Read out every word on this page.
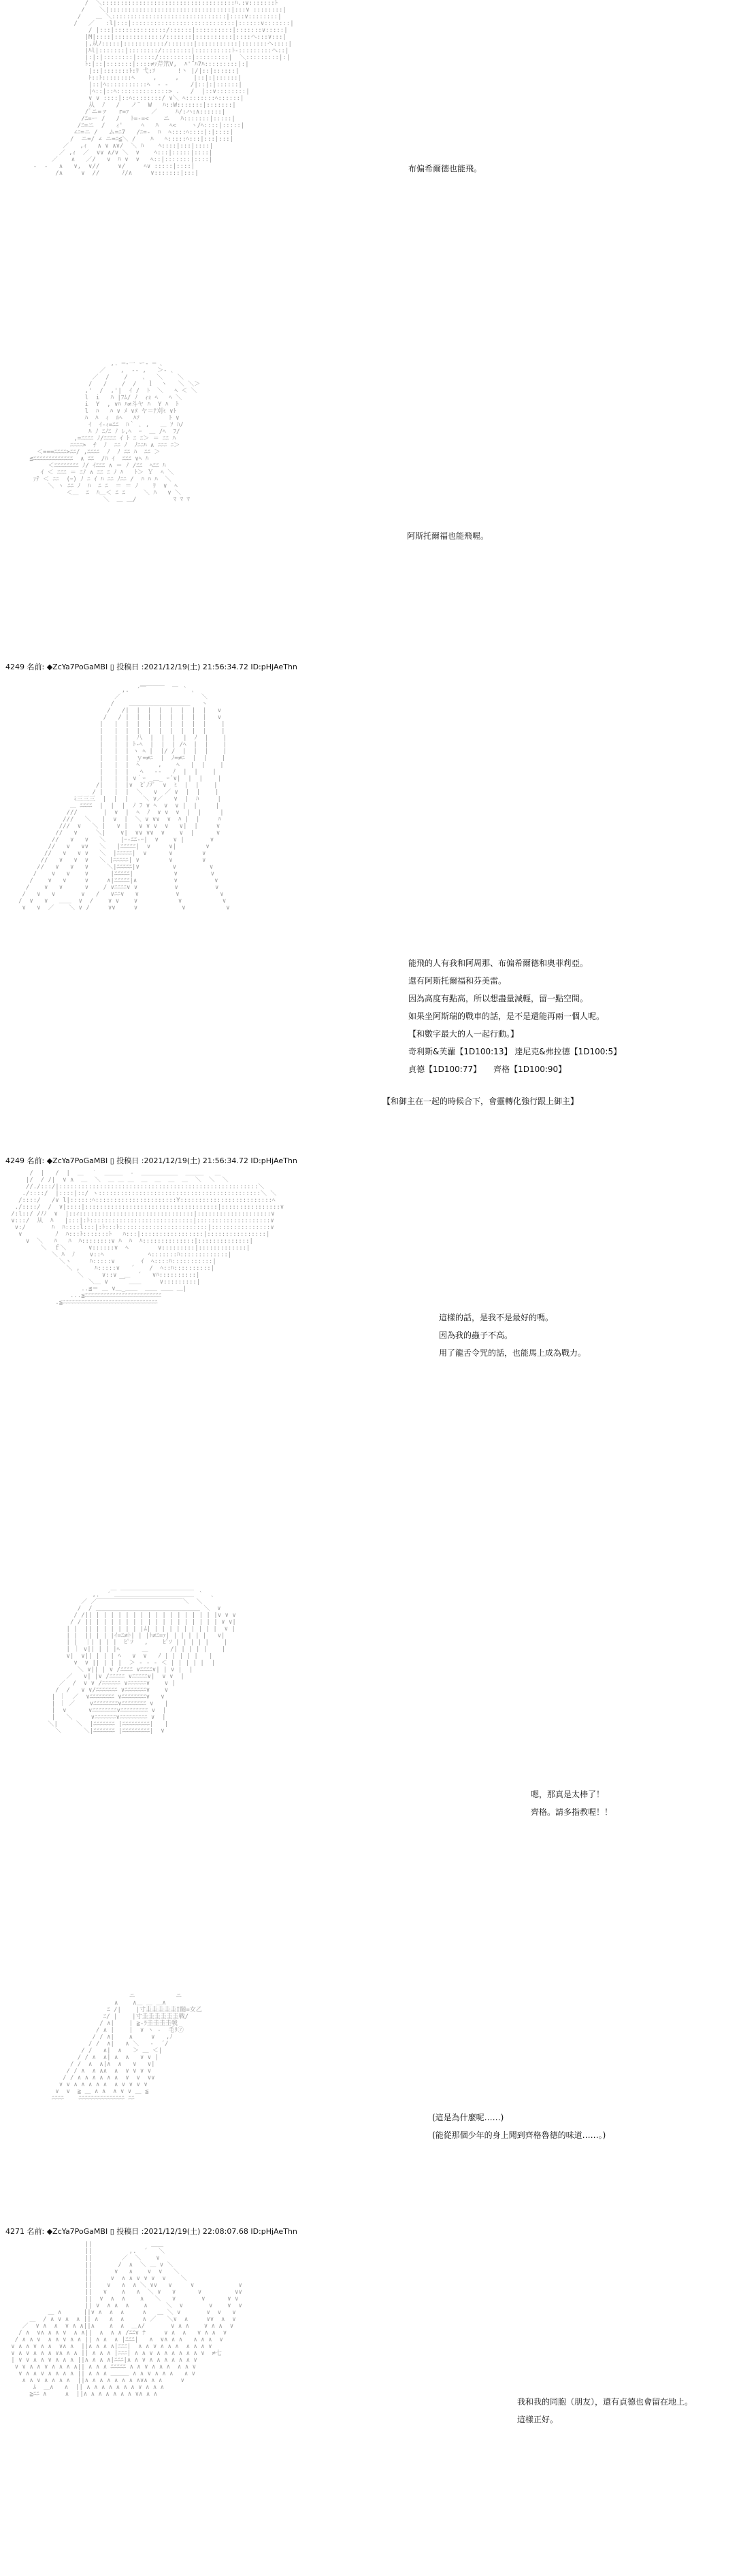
/  ＼::::::::::::::::::::::::::::::::::::ﾊ.:∨:::::::ﾄ
/    ＼|:::::::::::::::::::::::::::::::::|:::∨ ::::::::|
/    ＿ ＼:::::::::::::::::::::::::::::::|::::∨::::::::|
/   ／   :l|:::|::::::::::::::::::::::::::::|::::::∨:::::::|
/ |:::|::::::::::::::/::::::|::::::::::|:::::::∨:::::|
|M|::::|:::::::::::::/:::::::|::::::::::|::::ヘ:::∨:::|
|,从ﾉ:::::|:::::::::::/:::::::|:::::::::::|:::::::ヘ::::|
|ﾊl|:::::::|::::::::/::::::::|::::::::::ﾄ-:::::::::ヘ::|
|:|:|::::::::|:::::/:::::::::|:::::::::|  ＼:::::::::|:|
ﾄ:|::|:::::::|::::≠ｧ芹笊V,  ﾊ'¨ﾊ7ﾊ:::::::::|:|
|::|:::::::ﾄ:ﾘ 弋:ｿ      !丶 |/|::|::::::|
ﾄ::ﾄ::::::::ﾍ     ,     ,    |::|:|::::::|
|::|ﾍ:::::::::::ﾍ  - ‐      /|::|:|::::::|
|ﾍ::|::ﾍ::::::::::::::> .   /  |::∨::::::::|
∨ ∨ ::::|::ﾍ::::::::/ ∨＼ ﾍ::::::::ﾍ::::::|
从  ﾉ   /   ノ¨  W   ﾊ::W:::::::|:::::::|
/ﾟニ=ァ   r=ｧ      ／     ﾊ/:ハ:∧::::::|
/ﾆ=ー /   /   ﾄ=-=<    ニ   ﾊ:::::::|:::::|
/ﾆ=ニ  /   ｨ'     ﾍ   ﾊ   ﾍ<    ヽ/ﾍ::::|:::::|
∠ﾆ=ニ /   ム=ﾆ7   /ﾆ=‐  ﾊ  ﾍ::::ﾍ::::|:|::::|
/  ニ=/ ∠ ニ=ﾆ≦＼ /    ﾊ   ﾍ:::::ﾍ:::|:::|:::|
／   ,ｨ   ∧ ∨ ∧∨/  ＼ ﾊ    ﾍ::::|:::|::::|
／ ,ｨ  ／  ∨∨ ∧/∨ ＼  ∨    ﾍ:::|:::::|::::|
／ 　 ∧   ／/   ∨  ﾊ ∨  ∨   ﾍ::|:::::::|::::|
‐  ‐   ∧   ∨,  ∨//     ∨/     ﾍ∨ :::::|::::|
/∧     ∨  //      ﾉ/∧     ∨:::::::|:::|	布偏希爾德也能飛。
,. ─‐一 ー‐ ─ 、
／    ,  ‐- ,   ＞- ､
／  /    /    ､   ＼    ＼
/   /    /  /   ｌ  ヽ   ＼ ＼＞
,'  /  ,'|  ｲ /  ﾄ  ＼   ﾍ ＜ ＼
l  i   ﾊ |ﾌﾑ/ ﾉ  ｨｫ ﾍ   ﾍ ＼
i  Y  , ∨ﾊ ﾊ≠斗ヤ ﾊ  Y ﾊ  ﾄ
l  ﾊ   ﾊ ∨ ﾒ ∨ﾇ ヤ＝ﾅ刈ﾐ ∨ﾄ
ﾊ  ﾊ  ｨ  ﾙﾍ   ﾊｿ        ﾄ ∨
ｲ  ｲ-ｨ=ﾆﾆ  ﾊ｀ ､ ,   ＿ ｿ ﾊ/
ﾊ ﾉ ﾆﾉﾆ ﾉ ﾚ,ﾍ  ｰ  ＿ /ﾍ  ﾌ/
,=ﾆﾆﾆﾆ ﾉ/ﾆﾆﾆﾆ ｲ ﾄ ﾆ ﾆ＞ ＝ ﾆﾆ ﾊ
ﾆﾆﾆﾆ>  ﾁ  ﾉ  ﾆﾆ ﾉ  ﾉﾆﾆﾊ ∧ ﾆﾆﾆ ﾆ＞
＜===ﾆﾆﾆﾆ>ﾆﾆ/ ,ﾆﾆﾆﾆ  ﾉ  ﾉ ﾆﾆ ﾊ  ﾆﾆ ＞
≦ﾆﾆﾆﾆﾆﾆﾆﾆﾆﾆﾆﾆﾆ  ∧ ﾆﾆ  /ﾊ ｲ  ﾆﾆﾆ ∨ﾍ ﾊ
＜ﾆﾆﾆﾆﾆﾆﾆﾆ ﾉ/ ｲﾆﾆﾆ ∧ ＝ ﾉ /ﾆﾆ  ﾍﾆﾆ ﾊ
ｲ ＜ ﾆﾆﾆ ＝ ﾆﾉ ∧ ﾆﾆ ﾆ ﾉ ﾊ   ﾄ＞ Ｙ  ﾍ ＼
ｧﾃ ＜ ﾆﾆ  (ｰ) ﾉ ﾆ ｲ ﾊ ﾆﾆ ﾉﾆﾆ /  ﾊ ﾊ ﾊ  ＼
＼ ヽ ﾆﾆ ﾉ  ﾊ  ﾆ ﾆ  ＝ ＝ ﾉ    ﾘ  ∨  ﾍ
＜＿  ﾆ  ﾊ＿＜ ﾆ ﾆ     ＼ ﾊ   ∨ ＼
＼  ＿ ＿/          ﾏ ﾏ ﾏ

阿斯托爾福也能飛喔。
4249 名前: ◆ZcYa7PoGaMBI ▯ 投稿日 :2021/12/19(土) 21:56:34.72 ID:pHjAeThn
＿＿＿＿
,.  ´￣       ￣ ｀ ､
／                      ＼
/    ＿＿＿＿＿＿＿＿＿＿   ヽ
/   /|  |  |  |  |  |  |  |   ∨
/   / |  |  |  |  |  |  |  |   ∨
|   |  |  |  |  |  |  |  |  |    |
|   |  |  |  |  |  |  |  |  |    |
|   |  |  八  |  |  |  |  ﾉ  |    |
|   |  | ﾄ-ﾍ  |  |  | /ﾍ  |  |    |
|   |  | ヽ ﾍ |  |/ /  |  |  |    |
|   |  |  ｙ=≠ﾆ  |  ﾉ=≠ﾆ  |  |    |
|   |  |  ﾍ     ,    ﾍ   |  |    |
|   |  |   ﾍ   ‐‐   ﾉ  |  |    |
|   |  | ∨｀ｰ _＿_ ｰ´∨|  |  |    |
/|   |  |∨  ﾋﾟﾉｿﾞ  ∨  ﾐ  |  |    |
/ |   |  |  ＼   ∨  ／ ∨  |  |    |
ﾐ三三三  |  |  |    ＼ ∨／   ∨  |  ﾊ     |
＿ ﾆﾆﾆﾆ  |  |  |  ﾉ ﾌ ∨ ﾍ  ∨  ∨ |  |     |
///       |  ∨  |  ﾍ  ﾉ  ∨ ∨  ∨  |  |     |
///   ＼   |  ∨  |  ＼ ∨ ∨∨  ∨  ﾊ |  |     ﾊ
///  ∨   ＼ |   ∨ |   ∨ ∨ ∨  ∨   ∨|  |     ∨
//   ∨     ＼|    ∨|  ∨∨ ∨∨  ∨    ∨  |      ∨
//   ∨   ∨   ＼    |ｰ‐ﾆﾆ‐ｰ|  ∨    ∨ |       ∨
//   ∨   ∨∨   ＼   |ﾆﾆﾆﾆﾆ|  ∨     ∨|        ∨
//   ∨   ∨ ∨   ＼  |ﾆﾆﾆﾆﾆ|  ∨      ∨        ∨
//   ∨   ∨  ∨   ＼ |ﾆﾆﾆﾆﾆ| ∨        ∨        ∨
//   ∨   ∨   ∨     ＼|ﾆﾆﾆﾆﾆ|∨         ∨         ∨
/    ∨   ∨    ∨      |ﾆﾆﾆﾆﾆ|           ∨         ∨
/    ∨   ∨     ∨     ∧|ﾆﾆﾆﾆﾆ|∧          ∨          ∨
/    ∨   ∨      ∨    / ∨ﾆﾆﾆﾆ∨ ∨          ∨          ∨
/   ∨   ∨       ∨   /   ∨ﾆﾆ∨   ∨          ∨           ∨
/  ∨   ∨   ＿＿  ∨  /    ∨ ∨    ∨           ∨           ∨
∨   ∨  ／    ＼ ∨ /     ∨∨     ∨            ∨           ∨

能飛的人有我和阿周那、布偏希爾德和奧菲莉亞。
還有阿斯托爾福和芬美雷。
因為高度有點高，所以想盡量減輕，留一點空間。
如果坐阿斯瑞的戰車的話，是不是還能再兩一個人呢。
【和數字最大的人一起行動。】
奇利斯&芙蘿【1D100:13】 達尼克&弗拉德【1D100:5】
貞德【1D100:77】　　齊格【1D100:90】
【和御主在一起的時候合下，會靈轉化強行跟上御主】
4249 名前: ◆ZcYa7PoGaMBI ▯ 投稿日 :2021/12/19(土) 21:56:34.72 ID:pHjAeThn
/  |   /  |  ＿  ｀  ＿＿＿  ‐  ＿＿＿＿＿＿  ＿＿＿   ＿
|/  / /|  ∨ ∧  ＿  ＼  ＿ ＿ ＿  ＿  ＿  ＿  ＿  ＼  ＼  ＼
//./:::/|::::::::::::::::::::::::::::::::::::::::::::::::::::::＼
./::::/  |::::|::/ ヽ::::::::::::::::::::::::::::::::::::::::::::＼ ＼
/::::/   /∨ l|::::::ﾍ::::::::::::::::::::::Y:::::::::::::::::::::::::ﾍ
./::::/  /  ∨|::::|::::::::::::::::::::::::::::::::::::|::::::::::::::::∨
/:l::/ /ﾉﾉ  ∨  |::ｨ:::::::::::::::::::::::::::::::|::::::::::::::::::::∨
∨:::/  从  ﾊ   |:::|:ﾄ::::::::::::::::::::::::::::|::::::::::::::::::::∨
∨:/       ﾊ  ﾊ::::l:::|:ﾄ:::ﾄ::::::::::::::::::::::::|::::::::::::::::∨
∨         ﾉ  ﾊ:::ﾄ:::::::ﾄ   ﾊ:::|:::::::::::::::::|::::::::::::::::|
∨  ＼   ﾊ   ﾊ  ﾊ::::::::∨ ﾊ  ﾊ  ﾊ::::::::::::::|::::::::::::::|
＼  ｆ＼      ∨::::::∨  ﾍ        ∨:::::::::|:::::::::::::|
＼ ﾊ  ﾉ    ∨::ﾍ            ﾍ:::::::ﾊ:::::::::::::|
＼ヽ     ﾊ:::::∨       ｲ  ﾍ::::ﾊ:::::::::::|
＼ ,    ﾊ:::::∨   ´    /  ﾍ::ﾊ::::::::::|
＼     ∨::∨  ＿  ´   ∨ﾊ::::::::::|
＼＿ ∨   ￣ ＿＿     ∨:::::::::|
..≦＝ ＿ ∨＿_＿＿  ＿＿ ＿＿ ＿|
...≦ﾆﾆﾆﾆﾆﾆﾆﾆﾆﾆﾆﾆﾆﾆﾆﾆﾆﾆﾆﾆﾆﾆﾆﾆﾆ
.≦ﾆﾆﾆﾆﾆﾆﾆﾆﾆﾆﾆﾆﾆﾆﾆﾆﾆﾆﾆﾆﾆﾆﾆﾆﾆﾆﾆﾆﾆﾆﾆ

這樣的話，是我不是最好的嗎。
因為我的蟲子不高。
用了龍舌令咒的話，也能馬上成為戰力。
＿ ＿＿＿＿＿＿＿＿＿＿＿＿
,.  ´ ＿＿＿＿＿＿＿＿＿＿＿＿＿ ｀  ､
／ ／￣￣￣￣￣￣￣￣￣￣￣￣￣￣＼  ＼
/  / ＿＿＿＿＿＿＿＿＿＿＿＿＿＿＿＿＿ ＼  ∨
/ /|| | | | | | | | | | | | | | | | | |∨ ∨ ∨
/ / || | | | | | | | | | | | | | | | | | ∨ ∨|
| |  || | | | | | | |ﾑ| | | | | | | | | |  ∨ |
| |  || | | |ｲ=ﾆ≠ﾄ| | |ﾄ≠ﾆ=ｧ| | | | | |   ∨|
| |  ｜| | | |  ﾋﾟｿ   ,    ﾋﾟｿ | | | | |    |
| ｜ ∨|| | | |ﾍ      ＿      /| | | | |    |
∨|  ∨|| | | | ﾍ   ∨  ∨   ﾉ | | | | |   |
∨  ∨ || | | |  ＞ ‐ ‐ ‐ ＜ | | | | |  |
＼ ∨|| | ∨ /ﾆﾆﾆﾆ ∨ﾆﾆﾆﾆ∨| | ∨ |  |
／   ∨| |∨ /ﾆﾆﾆﾆﾆ ∨ﾆﾆﾆﾆﾆ∨|  ∨ ∨  |
／  /  ∨ ∨ /ﾆﾆﾆﾆﾆﾆ ∨ﾆﾆﾆﾆﾆﾆ∨    ∨ |
/  /   ∨ ∨/ﾆﾆﾆﾆﾆﾆﾆ ∨ﾆﾆﾆﾆﾆﾆﾆ∨    ∨
| ｜  ／  ∨ﾆﾆﾆﾆﾆﾆﾆﾆ ∨ﾆﾆﾆﾆﾆﾆﾆﾆ∨   ∨
| ｜ ／    ∨ﾆﾆﾆﾆﾆﾆﾆﾆ∨ﾆﾆﾆﾆﾆﾆﾆﾆ ∨   |
|  ∨      ∨ﾆﾆﾆﾆﾆﾆﾆﾆ∨ﾆﾆﾆﾆﾆﾆﾆﾆﾆ ∨  |
|   ＼     ∨ﾆﾆﾆﾆﾆﾆﾆ∨ﾆﾆﾆﾆﾆﾆﾆﾆﾆ ∨  |
＼|     ＼  |ﾆﾆﾆﾆﾆﾆﾆ |ﾆﾆﾆﾆﾆﾆﾆﾆﾆ|   |
＼      ＼|ﾆﾆﾆﾆﾆﾆﾆ |ﾆﾆﾆﾆﾆﾆﾆﾆﾆ|  ∨

嗯，那真是太棒了！
齊格。請多指教喔！！
ニ           ニ
∧    ∧＿ ＿ ＿∧
ﾆ /|    |寸圭圭圭圭圭I髄=女乙
ﾆ/ |    |寸圭圭圭圭圭圭戦/
/ ∧|    | ≧-ﾗ圭圭圭圭戦
/ ∧ |    |  ∨ ヽ ‐  毛ﾘ⑦
/ / ∧|    ∧     ∨   ,ﾉ
/ /  ∧|   ∧ ＼   ‐  ´/
/ /   ∧|  ∧   ＞ ＿ ＜|
/ / ∧  ∧| ∧  ∧   ∨ ∨ |
/ /  ∧  ∧|∧  ∧   ∨   ∨|
/ / ∧  ∧ ∧∧  ∧  ∨ ∨ ∨ ∨
/ / ∧ ∧ ∧ ∧ ∧ ∧  ∨  ∨  ∨∨
∨ ∨ ∧ ∧ ∧ ∧ ∧  ∧ ∨ ∨ ∨ ∨
∨  ∨  ≧ ＿ ∧ ∧  ∧ ∨ ∨ ＿ ≦
ﾆﾆﾆﾆ    ﾆﾆﾆﾆﾆﾆﾆﾆﾆﾆﾆﾆﾆﾆﾆ ﾆﾆ

(這是為什麼呢……)
(能從那個少年的身上聞到齊格魯德的味道……。)
4271 名前: ◆ZcYa7PoGaMBI ▯ 投稿日 :2021/12/19(土) 22:08:07.68 ID:pHjAeThn
||                ＿＿
||          ,.  ´   ＼
||        ／  ＼    ∨
||       /  ∧  ＼ ＿ ∨ ＼
||      ∨   ∧    ∨  ∨   ＼
||     ∨  ∧ ∧ ∨ ∨ ∨  ∨    ＼
||    ∨   ∧  ∧ ＼ ∨∨   ∨     ∨            ∨
||   ∨    ∧   ∧  ＼ ∨   ∨      ∨         ∨∨
||  ∨  ∧  ∧    ∧   ＼   ∨       ∨      ∨ ∨
|| ∨  ∧ ∧  ∧    ∧     ＼  ∨       ∨    ∨  ∨
＿ ∧      ||∨ ∧  ∧  ∧     ∧   ＿ ＼ ∨       ∨  ∨   ∨
＿  / ∧ ∨ ∧  ∧ || ∧   ∧  ∧     ∧ ／   ＼∨  ∧     ∨∨  ∧  ∨
／  ∨ ∧  ∧  ∨ ∧ ∧||∧    ∧  ∧  ＿∧/       ∨ ∧ ∧    ∨ ∧ ∧  ∨
/ ∧  ∨∧ ∧ ∧ ∨  ∧ ∧||  ∧  ∧ ∧ /ﾆﾆ∨ ﾅ     ∨ ∧  ∧   ∨ ∧ ∧  ∨
/ ∧ ∧ ∨  ∧ ∧ ∨ ∧ ∧ || ∧ ∧  ∧ |ﾆﾆﾆ|   ∧  ∨∧ ∧ ∧   ∧ ∧ ∧  ∨
∨ ∧ ∧ ∨ ∧ ∧  ∨∧ ∧  ||∧ ∧ ∧ ∧|ﾆﾆﾆ|  ∧ ∧ ∨ ∧ ∧ ∧  ∧ ∧ ∧ ∨
∨ ∧ ∨ ∧ ∧ ∧ ∨∧ ∧ ∧ || ∧ ∧ ∧ |ﾆﾆﾆ| ∧ ∧ ∨ ∧ ∧ ∧ ∧ ∧ ∧ ∨  ≠七
| ∨ ∨ ∧ ∧ ∨ ∧ ∧ ∧ ||∧ ∧ ∧ ∧|ﾆﾆﾆ|∧ ∧ ∨ ∧ ∧ ∧ ∧ ∧ ∧ ∨
∨ ∨ ∧ ∧ ∨ ∧ ∧ ∧ ∧|| ∧ ∧ ∧ ﾆﾆﾆﾆﾆ ∧ ∧ ∨ ∧ ∧ ∧  ∧ ∧ ∨
∨ ∧ ∧ ∨ ∧ ∧ ∧ ∧ || ∧ ∧ ∧ ＿＿＿ ∧ ∧ ∨ ∧ ∧ ∧   ∧ ∨
∧ ∧ ∨ ∧ ∧ ∧ ∧  ||∧ ∧ ∧ ∧ ∧ ∧ ∧ ∧∨∧ ∧ ∧     ∨
ﾑ  ＿∧   ∧  || ∧ ∧ ∧ ∧ ∧ ∧ ∧ ∨ ∧ ∧ ∧
≧ﾆﾆ ∧     ∧  ||∧ ∧ ∧ ∧ ∧ ∧ ∧ ∨∧ ∧ ∧

我和我的同胞（朋友），還有貞德也會留在地上。
這樣正好。
